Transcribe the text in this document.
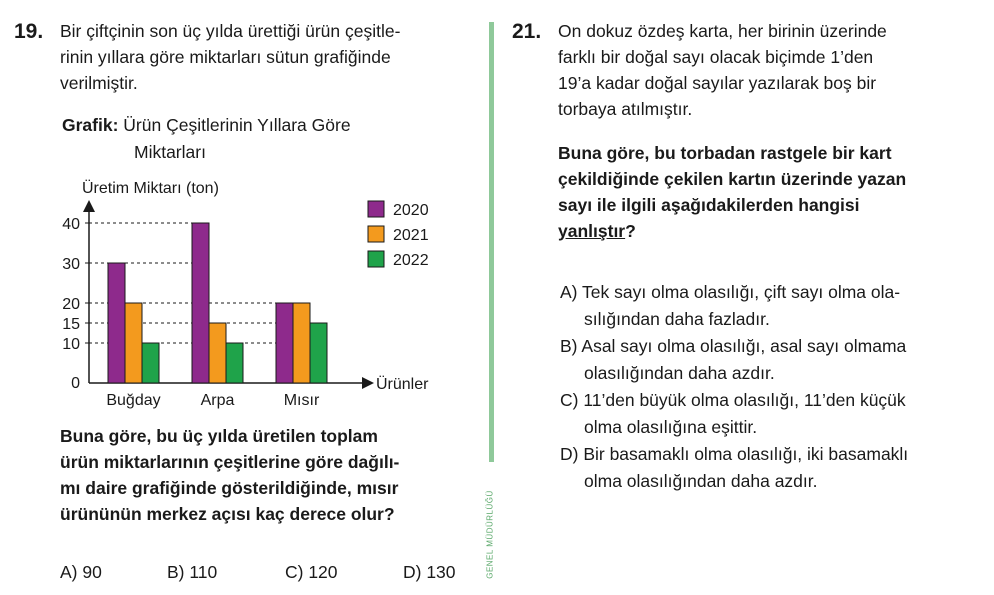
19. Bir çiftçinin son üç yılda ürettiği ürün çeşitle-
rinin yıllara göre miktarları sütun grafiğinde
verilmiştir.
Grafik: Ürün Çeşitlerinin Yıllara Göre
Miktarları
Üretim Miktarı (ton)
Ürünler
0
10
15
20
30
40
Buğday Arpa	Mısır
2020
2021
2022
Buna göre, bu üç yılda üretilen toplam
ürün miktarlarının çeşitlerine göre dağılı-
mı daire grafiğinde gösterildiğinde, mısır
ürününün merkez açısı kaç derece olur?
A) 90	B) 110	C) 120	D) 130	GENEL MÜDÜRLÜĞÜ
21. On dokuz özdeş karta, her birinin üzerinde
farklı bir doğal sayı olacak biçimde 1’den
19’a kadar doğal sayılar yazılarak boş bir
torbaya atılmıştır.
Buna göre, bu torbadan rastgele bir kart
çekildiğinde çekilen kartın üzerinde yazan
sayı ile ilgili aşağıdakilerden hangisi
yanlıştır?
A) Tek sayı olma olasılığı, çift sayı olma ola-
sılığından daha fazladır.
B) Asal sayı olma olasılığı, asal sayı olmama
olasılığından daha azdır.
C) 11’den büyük olma olasılığı, 11’den küçük
olma olasılığına eşittir.
D) Bir basamaklı olma olasılığı, iki basamaklı
olma olasılığından daha azdır.
